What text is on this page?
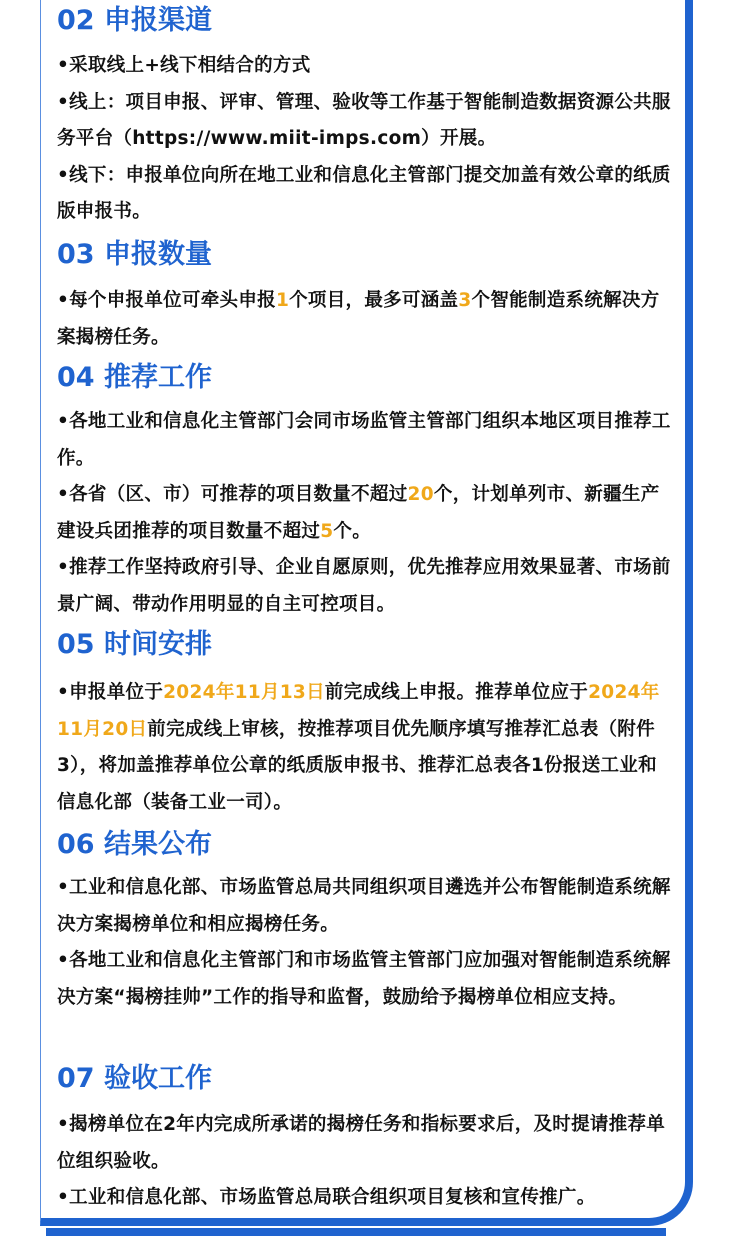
02 申报渠道
•采取线上+线下相结合的方式
•线上：项目申报、评审、管理、验收等工作基于智能制造数据资源公共服务平台（https://www.miit-imps.com）开展。
•线下：申报单位向所在地工业和信息化主管部门提交加盖有效公章的纸质版申报书。
03 申报数量
•每个申报单位可牵头申报1个项目，最多可涵盖3个智能制造系统解决方案揭榜任务。
04 推荐工作
•各地工业和信息化主管部门会同市场监管主管部门组织本地区项目推荐工作。
•各省（区、市）可推荐的项目数量不超过20个，计划单列市、新疆生产建设兵团推荐的项目数量不超过5个。
•推荐工作坚持政府引导、企业自愿原则，优先推荐应用效果显著、市场前景广阔、带动作用明显的自主可控项目。
05 时间安排
•申报单位于2024年11月13日前完成线上申报。推荐单位应于2024年11月20日前完成线上审核，按推荐项目优先顺序填写推荐汇总表（附件3），将加盖推荐单位公章的纸质版申报书、推荐汇总表各1份报送工业和信息化部（装备工业一司）。
06 结果公布
•工业和信息化部、市场监管总局共同组织项目遴选并公布智能制造系统解决方案揭榜单位和相应揭榜任务。
•各地工业和信息化主管部门和市场监管主管部门应加强对智能制造系统解决方案“揭榜挂帅”工作的指导和监督，鼓励给予揭榜单位相应支持。
07 验收工作
•揭榜单位在2年内完成所承诺的揭榜任务和指标要求后，及时提请推荐单位组织验收。
•工业和信息化部、市场监管总局联合组织项目复核和宣传推广。
